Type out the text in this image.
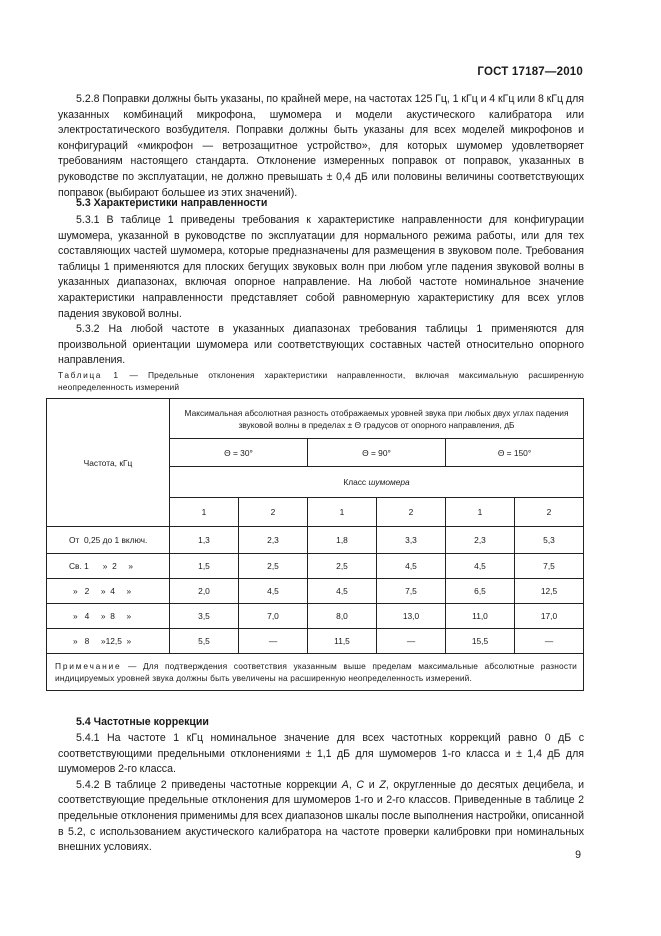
ГОСТ 17187—2010

5.2.8 Поправки должны быть указаны, по крайней мере, на частотах 125 Гц, 1 кГц и 4 кГц или 8 кГц для указанных комбинаций микрофона, шумомера и модели акустического калибратора или электростатического возбудителя. Поправки должны быть указаны для всех моделей микрофонов и конфигураций «микрофон — ветрозащитное устройство», для которых шумомер удовлетворяет требованиям настоящего стандарта. Отклонение измеренных поправок от поправок, указанных в руководстве по эксплуатации, не должно превышать ± 0,4 дБ или половины величины соответствующих поправок (выбирают большее из этих значений).

5.3 Характеристики направленности

5.3.1 В таблице 1 приведены требования к характеристике направленности для конфигурации шумомера, указанной в руководстве по эксплуатации для нормального режима работы, или для тех составляющих частей шумомера, которые предназначены для размещения в звуковом поле. Требования таблицы 1 применяются для плоских бегущих звуковых волн при любом угле падения звуковой волны в указанных диапазонах, включая опорное направление. На любой частоте номинальное значение характеристики направленности представляет собой равномерную характеристику для всех углов падения звуковой волны.

5.3.2 На любой частоте в указанных диапазонах требования таблицы 1 применяются для произвольной ориентации шумомера или соответствующих составных частей относительно опорного направления.

Таблица 1 — Предельные отклонения характеристики направленности, включая максимальную расширенную неопределенность измерений
Частота, кГц	Максимальная абсолютная разность отображаемых уровней звука при любых двух углах падения звуковой волны в пределах ± Θ градусов от опорного направления, дБ					
	Θ = 30°		Θ = 90°		Θ = 150°	
	Класс шумомера					
	1	2	1	2	1	2
От  0,25 до 1 включ.	1,3	2,3	1,8	3,3	2,3	5,3
Св. 1      »  2     »	1,5	2,5	2,5	4,5	4,5	7,5
»   2     »  4     »	2,0	4,5	4,5	7,5	6,5	12,5
»   4     »  8     »	3,5	7,0	8,0	13,0	11,0	17,0
»   8     »12,5  »	5,5	—	11,5	—	15,5	—
Примечание — Для подтверждения соответствия указанным выше пределам максимальные абсолютные разности индицируемых уровней звука должны быть увеличены на расширенную неопределенность измерений.						
5.4 Частотные коррекции

5.4.1 На частоте 1 кГц номинальное значение для всех частотных коррекций равно 0 дБ с соответствующими предельными отклонениями ± 1,1 дБ для шумомеров 1-го класса и ± 1,4 дБ для шумомеров 2-го класса.

5.4.2 В таблице 2 приведены частотные коррекции A, C и Z, округленные до десятых децибела, и соответствующие предельные отклонения для шумомеров 1-го и 2-го классов. Приведенные в таблице 2 предельные отклонения применимы для всех диапазонов шкалы после выполнения настройки, описанной в 5.2, с использованием акустического калибратора на частоте проверки калибровки при номинальных внешних условиях.

9
